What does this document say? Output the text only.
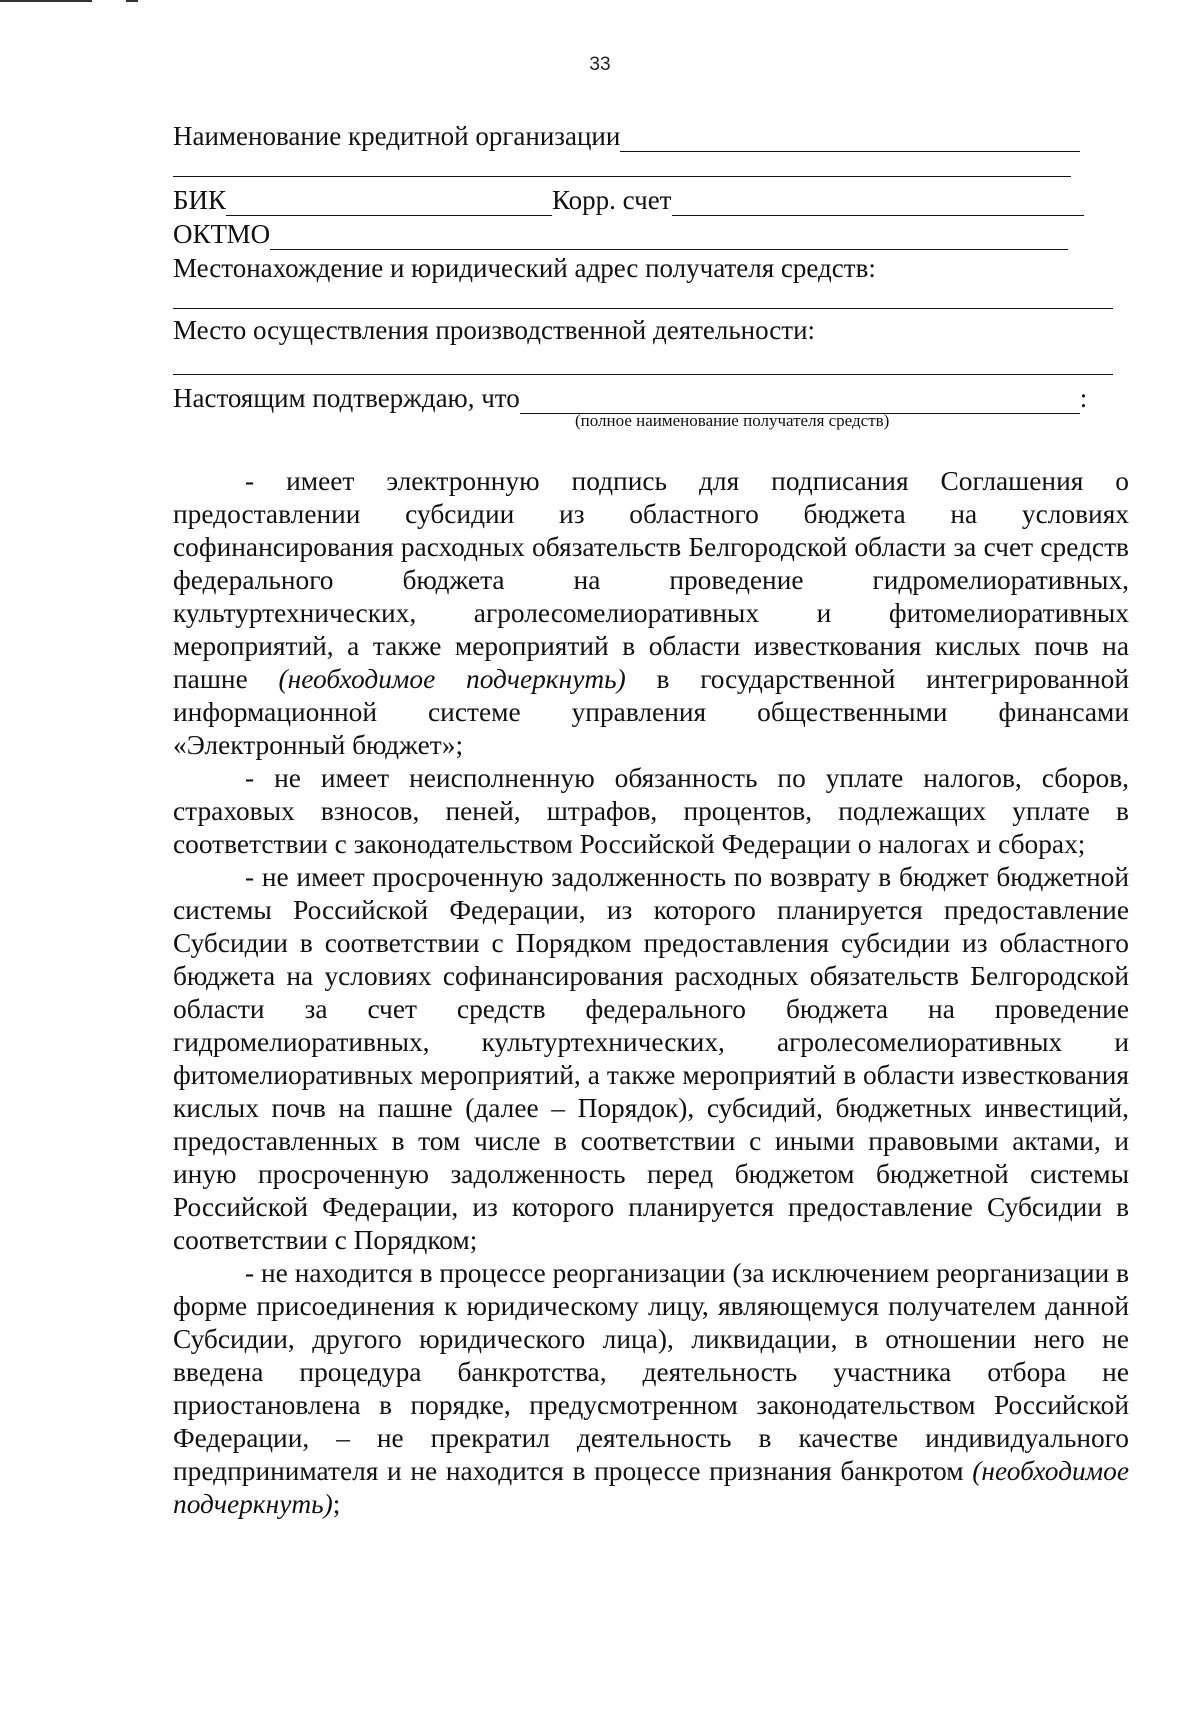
33
Наименование кредитной организации
БИК	Корр. счет
ОКТМО
Местонахождение и юридический адрес получателя средств:
Место осуществления производственной деятельности:
Настоящим подтверждаю, что	:
(полное наименование получателя средств)

- имеет электронную подпись для подписания Соглашения о предоставлении субсидии из областного бюджета на условиях софинансирования расходных обязательств Белгородской области за счет средств федерального бюджета на проведение гидромелиоративных, культуртехнических, агролесомелиоративных и фитомелиоративных мероприятий, а также мероприятий в области известкования кислых почв на пашне (необходимое подчеркнуть) в государственной интегрированной информационной системе управления общественными финансами «Электронный бюджет»;

- не имеет неисполненную обязанность по уплате налогов, сборов, страховых взносов, пеней, штрафов, процентов, подлежащих уплате в соответствии с законодательством Российской Федерации о налогах и сборах;

- не имеет просроченную задолженность по возврату в бюджет бюджетной системы Российской Федерации, из которого планируется предоставление Субсидии в соответствии с Порядком предоставления субсидии из областного бюджета на условиях софинансирования расходных обязательств Белгородской области за счет средств федерального бюджета на проведение гидромелиоративных, культуртехнических, агролесомелиоративных и фитомелиоративных мероприятий, а также мероприятий в области известкования кислых почв на пашне (далее – Порядок), субсидий, бюджетных инвестиций, предоставленных в том числе в соответствии с иными правовыми актами, и иную просроченную задолженность перед бюджетом бюджетной системы Российской Федерации, из которого планируется предоставление Субсидии в соответствии с Порядком;

- не находится в процессе реорганизации (за исключением реорганизации в форме присоединения к юридическому лицу, являющемуся получателем данной Субсидии, другого юридического лица), ликвидации, в отношении него не введена процедура банкротства, деятельность участника отбора не приостановлена в порядке, предусмотренном законодательством Российской Федерации, – не прекратил деятельность в качестве индивидуального предпринимателя и не находится в процессе признания банкротом (необходимое подчеркнуть);
